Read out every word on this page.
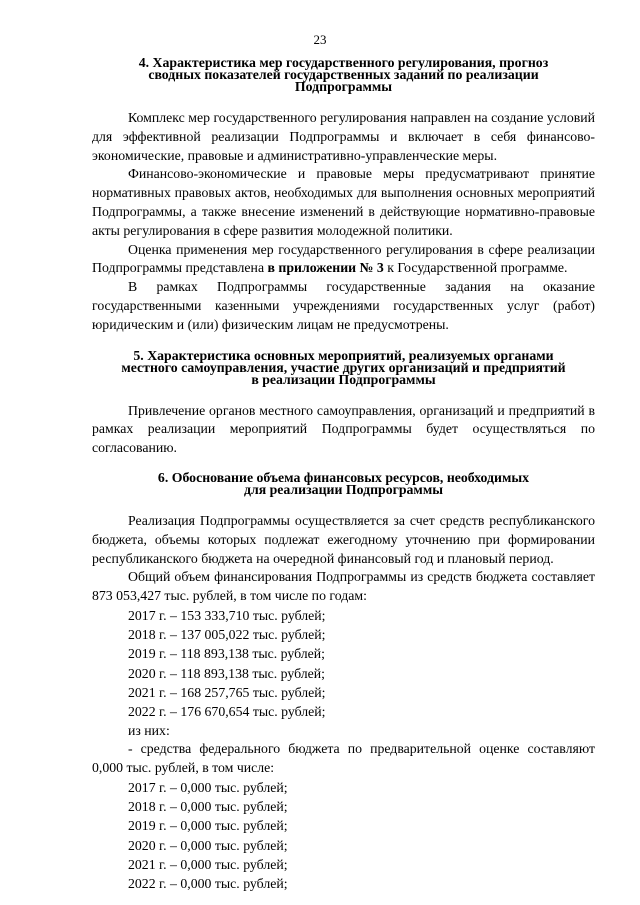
23
4. Характеристика мер государственного регулирования, прогноз
сводных показателей государственных заданий по реализации
Подпрограммы

Комплекс мер государственного регулирования направлен на создание условий для эффективной реализации Подпрограммы и включает в себя финансово-экономические, правовые и административно-управленческие меры.

Финансово-экономические и правовые меры предусматривают принятие нормативных правовых актов, необходимых для выполнения основных мероприятий Подпрограммы, а также внесение изменений в действующие нормативно-правовые акты регулирования в сфере развития молодежной политики.

Оценка применения мер государственного регулирования в сфере реализации Подпрограммы представлена в приложении № 3 к Государственной программе.

В рамках Подпрограммы государственные задания на оказание государственными казенными учреждениями государственных услуг (работ) юридическим и (или) физическим лицам не предусмотрены.

5. Характеристика основных мероприятий, реализуемых органами
местного самоуправления, участие других организаций и предприятий
в реализации Подпрограммы

Привлечение органов местного самоуправления, организаций и предприятий в рамках реализации мероприятий Подпрограммы будет осуществляться по согласованию.

6. Обоснование объема финансовых ресурсов, необходимых
для реализации Подпрограммы

Реализация Подпрограммы осуществляется за счет средств республиканского бюджета, объемы которых подлежат ежегодному уточнению при формировании республиканского бюджета на очередной финансовый год и плановый период.

Общий объем финансирования Подпрограммы из средств бюджета составляет 873 053,427 тыс. рублей, в том числе по годам:

2017 г. – 153 333,710 тыс. рублей;
2018 г. – 137 005,022 тыс. рублей;
2019 г. – 118 893,138 тыс. рублей;
2020 г. – 118 893,138 тыс. рублей;
2021 г. – 168 257,765 тыс. рублей;
2022 г. – 176 670,654 тыс. рублей;
из них:

- средства федерального бюджета по предварительной оценке составляют 0,000 тыс. рублей, в том числе:

2017 г. – 0,000 тыс. рублей;
2018 г. – 0,000 тыс. рублей;
2019 г. – 0,000 тыс. рублей;
2020 г. – 0,000 тыс. рублей;
2021 г. – 0,000 тыс. рублей;
2022 г. – 0,000 тыс. рублей;
